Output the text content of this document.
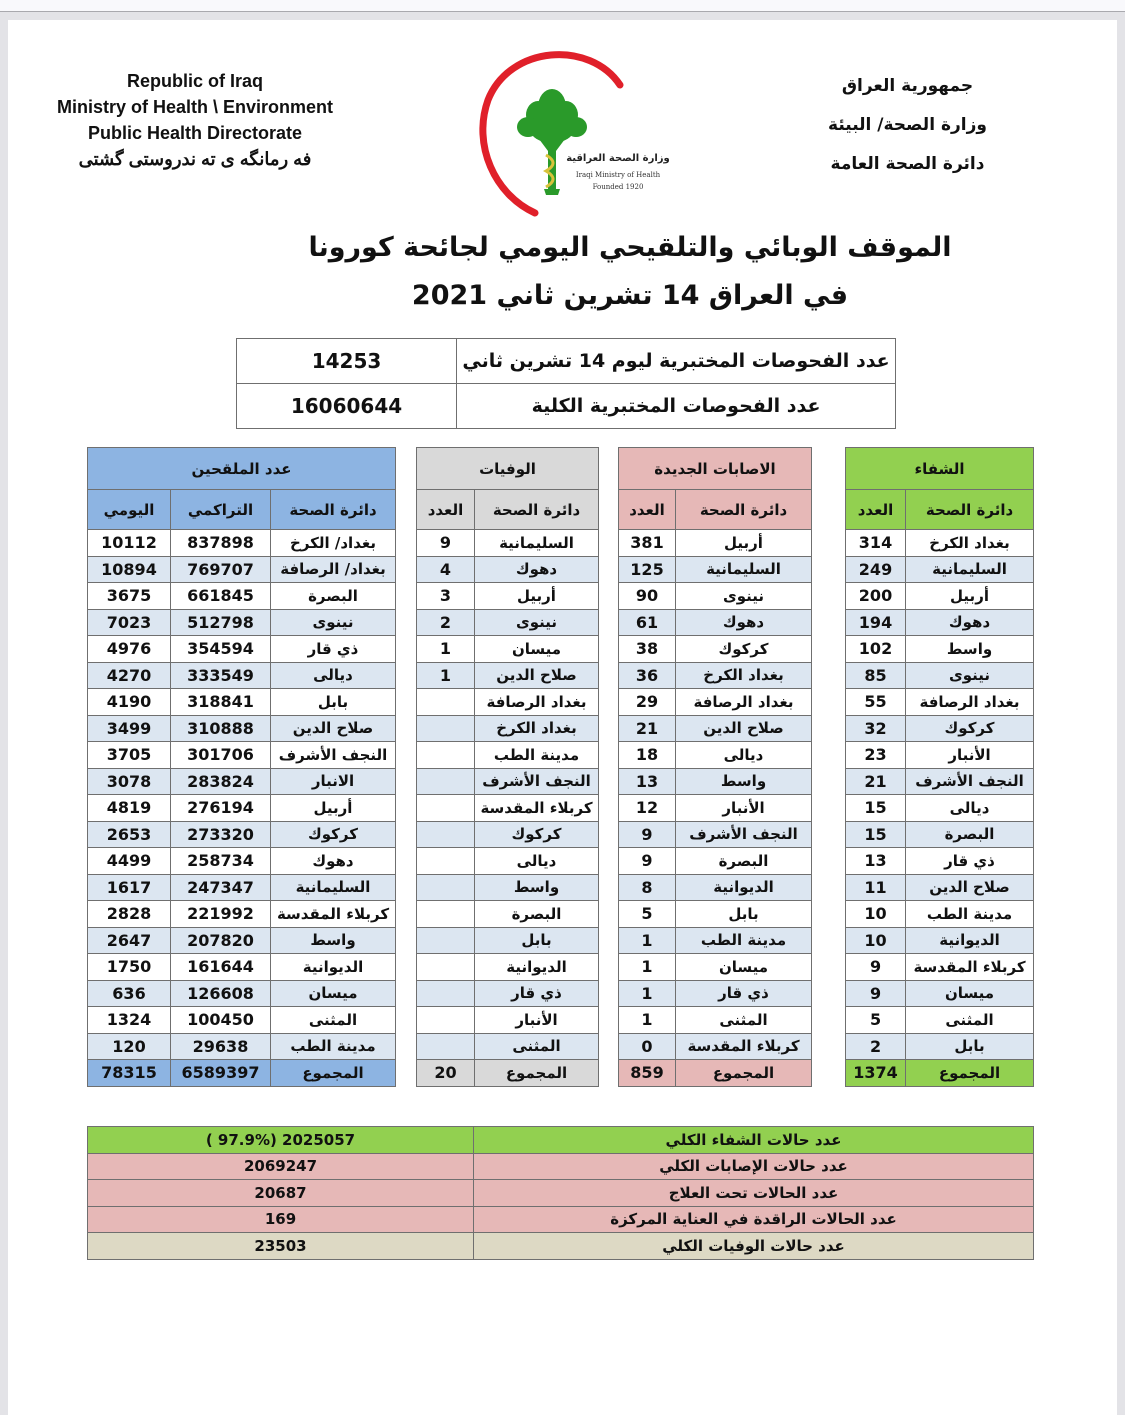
Republic of Iraq
Ministry of Health \ Environment
Public Health Directorate
فه رمانگه ى ته ندروستى گشتى
جمهورية العراق
وزارة الصحة/ البيئة
دائرة الصحة العامة
وزارة الصحة العراقية
Iraqi Ministry of Health
Founded 1920
الموقف الوبائي والتلقيحي اليومي لجائحة كورونا
في العراق 14 تشرين ثاني 2021
14253	عدد الفحوصات المختبرية ليوم 14 تشرين ثاني
16060644	عدد الفحوصات المختبرية الكلية
الشفاء	
دائرة الصحة	العدد
بغداد الكرخ	314
السليمانية	249
أربيل	200
دهوك	194
واسط	102
نينوى	85
بغداد الرصافة	55
كركوك	32
الأنبار	23
النجف الأشرف	21
ديالى	15
البصرة	15
ذي قار	13
صلاح الدين	11
مدينة الطب	10
الديوانية	10
كربلاء المقدسة	9
ميسان	9
المثنى	5
بابل	2
المجموع	1374
الاصابات الجديدة	
دائرة الصحة	العدد
أربيل	381
السليمانية	125
نينوى	90
دهوك	61
كركوك	38
بغداد الكرخ	36
بغداد الرصافة	29
صلاح الدين	21
ديالى	18
واسط	13
الأنبار	12
النجف الأشرف	9
البصرة	9
الديوانية	8
بابل	5
مدينة الطب	1
ميسان	1
ذي قار	1
المثنى	1
كربلاء المقدسة	0
المجموع	859
الوفيات	
دائرة الصحة	العدد
السليمانية	9
دهوك	4
أربيل	3
نينوى	2
ميسان	1
صلاح الدين	1
بغداد الرصافة	
بغداد الكرخ	
مدينة الطب	
النجف الأشرف	
كربلاء المقدسة	
كركوك	
ديالى	
واسط	
البصرة	
بابل	
الديوانية	
ذي قار	
الأنبار	
المثنى	
المجموع	20
عدد الملقحين		
دائرة الصحة	التراكمي	اليومي
بغداد/ الكرخ	837898	10112
بغداد/ الرصافة	769707	10894
البصرة	661845	3675
نينوى	512798	7023
ذي قار	354594	4976
ديالى	333549	4270
بابل	318841	4190
صلاح الدين	310888	3499
النجف الأشرف	301706	3705
الانبار	283824	3078
أربيل	276194	4819
كركوك	273320	2653
دهوك	258734	4499
السليمانية	247347	1617
كربلاء المقدسة	221992	2828
واسط	207820	2647
الديوانية	161644	1750
ميسان	126608	636
المثنى	100450	1324
مدينة الطب	29638	120
المجموع	6589397	78315
( 97.9%) 2025057	عدد حالات الشفاء الكلي
2069247	عدد حالات الإصابات الكلي
20687	عدد الحالات تحت العلاج
169	عدد الحالات الراقدة في العناية المركزة
23503	عدد حالات الوفيات الكلي
